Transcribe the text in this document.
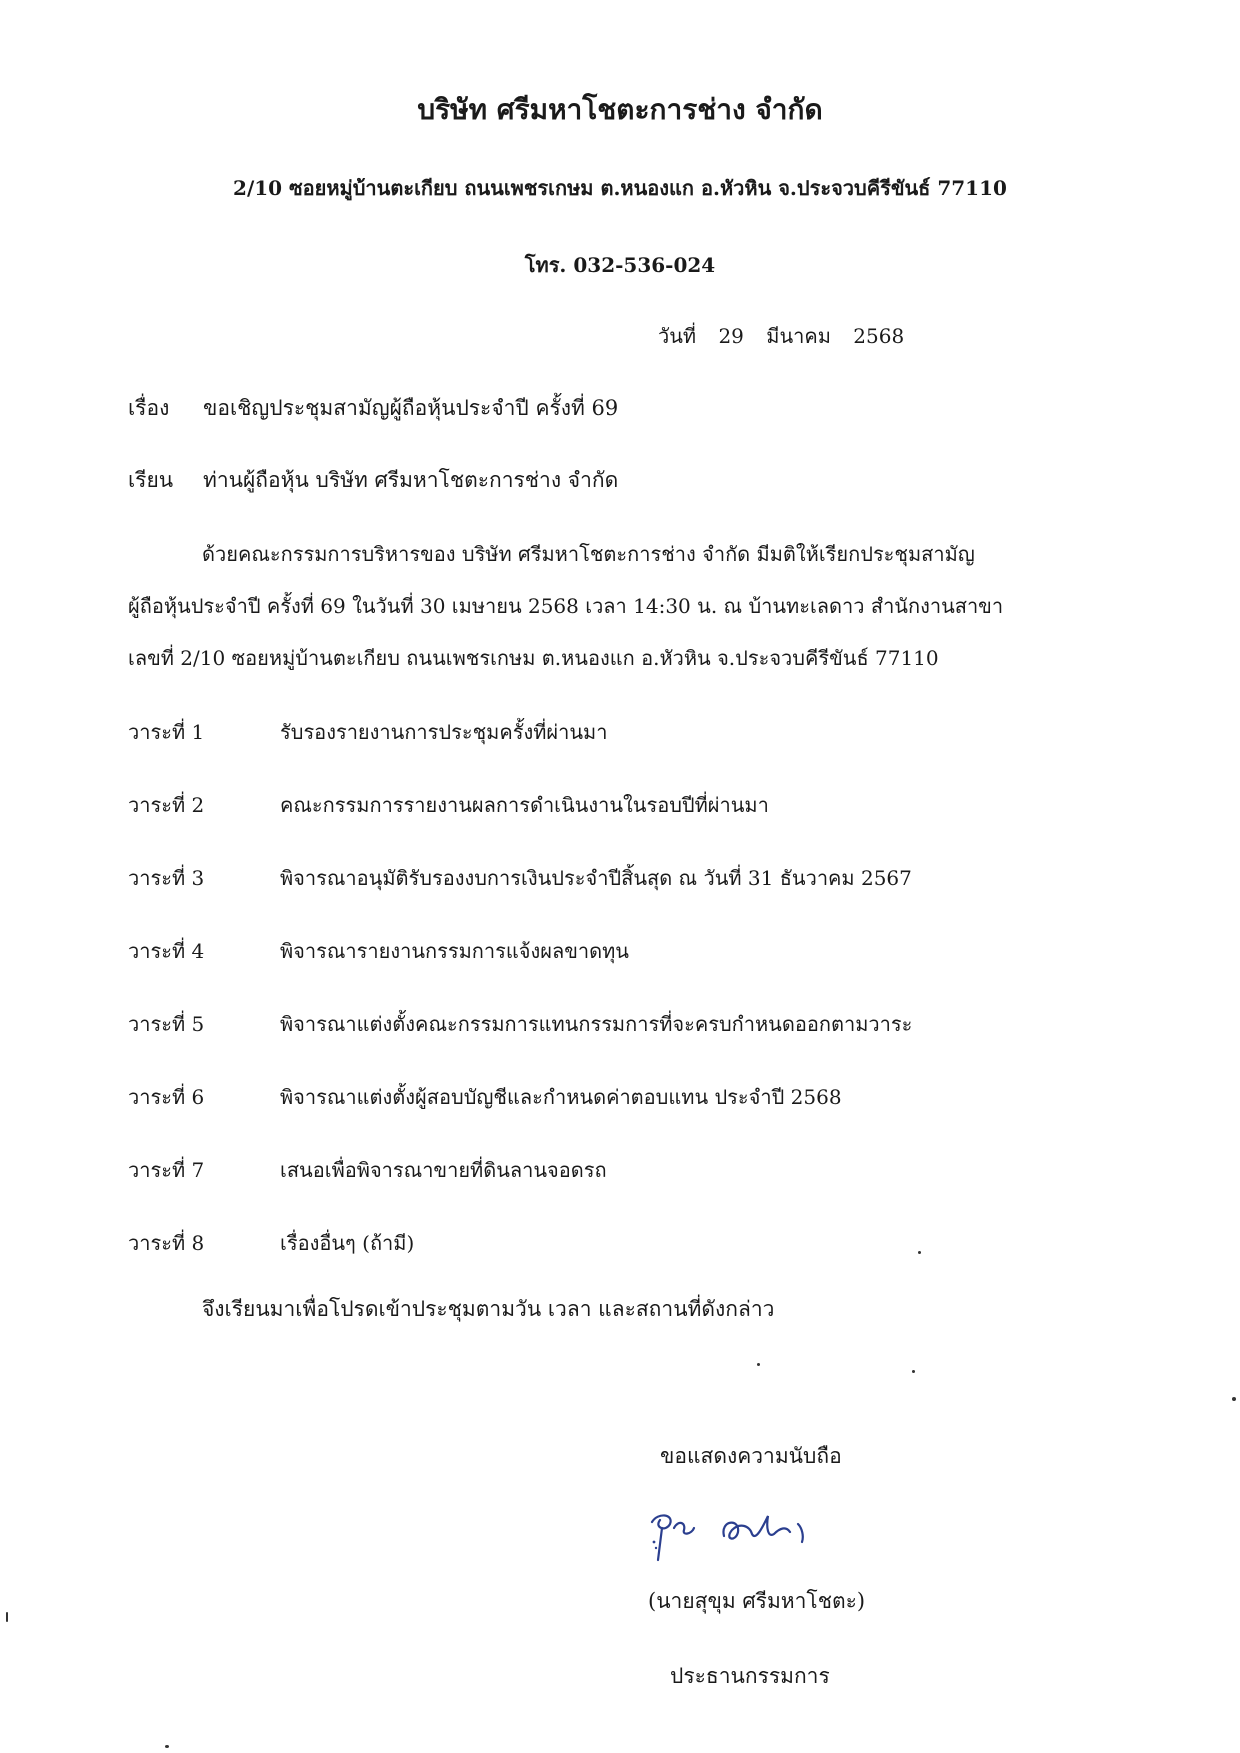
บริษัท ศรีมหาโชตะการช่าง จำกัด
2/10 ซอยหมู่บ้านตะเกียบ ถนนเพชรเกษม ต.หนองแก อ.หัวหิน จ.ประจวบคีรีขันธ์ 77110
โทร. 032-536-024
วันที่ 29 มีนาคม 2568
เรื่อง ขอเชิญประชุมสามัญผู้ถือหุ้นประจำปี ครั้งที่ 69
เรียน ท่านผู้ถือหุ้น บริษัท ศรีมหาโชตะการช่าง จำกัด
ด้วยคณะกรรมการบริหารของ บริษัท ศรีมหาโชตะการช่าง จำกัด มีมติให้เรียกประชุมสามัญ
ผู้ถือหุ้นประจำปี ครั้งที่ 69 ในวันที่ 30 เมษายน 2568 เวลา 14:30 น. ณ บ้านทะเลดาว สำนักงานสาขา
เลขที่ 2/10 ซอยหมู่บ้านตะเกียบ ถนนเพชรเกษม ต.หนองแก อ.หัวหิน จ.ประจวบคีรีขันธ์ 77110
วาระที่ 1	รับรองรายงานการประชุมครั้งที่ผ่านมา
วาระที่ 2	คณะกรรมการรายงานผลการดำเนินงานในรอบปีที่ผ่านมา
วาระที่ 3	พิจารณาอนุมัติรับรองงบการเงินประจำปีสิ้นสุด ณ วันที่ 31 ธันวาคม 2567
วาระที่ 4	พิจารณารายงานกรรมการแจ้งผลขาดทุน
วาระที่ 5	พิจารณาแต่งตั้งคณะกรรมการแทนกรรมการที่จะครบกำหนดออกตามวาระ
วาระที่ 6	พิจารณาแต่งตั้งผู้สอบบัญชีและกำหนดค่าตอบแทน ประจำปี 2568
วาระที่ 7	เสนอเพื่อพิจารณาขายที่ดินลานจอดรถ
วาระที่ 8	เรื่องอื่นๆ (ถ้ามี)
จึงเรียนมาเพื่อโปรดเข้าประชุมตามวัน เวลา และสถานที่ดังกล่าว
ขอแสดงความนับถือ
(นายสุขุม ศรีมหาโชตะ)
ประธานกรรมการ
